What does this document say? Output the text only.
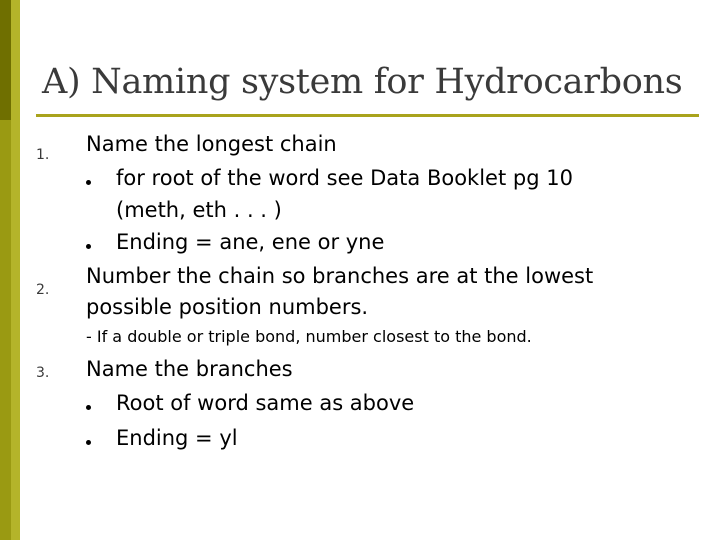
A) Naming system for Hydrocarbons
1. Name the longest chain
for root of the word see Data Booklet pg 10
(meth, eth . . . )
Ending = ane, ene or yne
2.
Number the chain so branches are at the lowest
possible position numbers.
- If a double or triple bond, number closest to the bond.
3. Name the branches
Root of word same as above
Ending = yl
